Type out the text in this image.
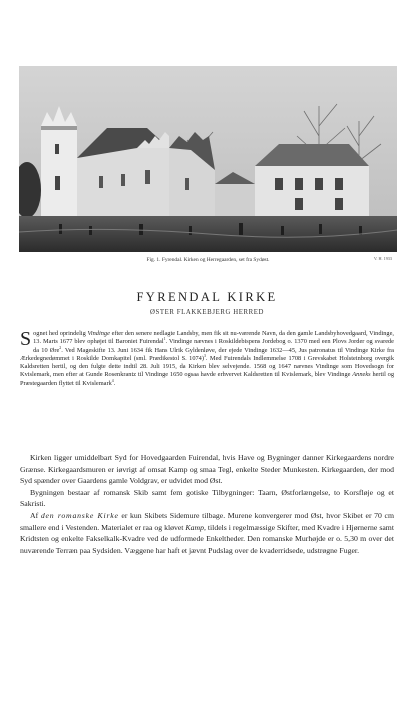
Fig. 1. Fyrendal. Kirken og Herregaarden, set fra Sydøst.	V. H. 1933
FYRENDAL KIRKE
ØSTER FLAKKEBJERG HERRED
Sognet hed oprindelig Vindinge efter den senere nedlagte Landsby, men fik sit nu-værende Navn, da den gamle Landsbyhovedgaard, Vindinge, 13. Marts 1677 blev ophøjet til Baroniet Fuirendal$^1$. Vindinge nævnes i Roskildebispens Jordebog o. 1370 med een Plovs Jorder og svarede da 10 Øre$^2$. Ved Mageskifte 13. Juni 1634 fik Hans Ulrik Gyldenløve, der ejede Vindinge 1632—45, Jus patronatus til Vindinge Kirke fra Ærkedegnedømmet i Roskilde Domkapitel (sml. Prædikestol S. 1074)$^3$. Med Fuirendals Indlemmelse 1708 i Grevskabet Holsteinborg overgik Kaldsretten hertil, og den fulgte dette indtil 28. Juli 1915, da Kirken blev selvejende. 1568 og 1647 nævnes Vindinge som Hovedsogn for Kvislemark, men efter at Gunde Rosenkrantz til Vindinge 1650 ogsaa havde erhvervet Kaldsretten til Kvislemark, blev Vindinge Anneks hertil og Præstegaarden flyttet til Kvislemark$^4$.

Kirken ligger umiddelbart Syd for Hovedgaarden Fuirendal, hvis Have og Bygninger danner Kirkegaardens nordre Grænse. Kirkegaardsmuren er iøvrigt af omsat Kamp og smaa Tegl, enkelte Steder Munkesten. Kirkegaarden, der mod Syd spænder over Gaardens gamle Voldgrav, er udvidet mod Øst.

Bygningen bestaar af romansk Skib samt fem gotiske Tilbygninger: Taarn, Østforlængelse, to Korsfløje og et Sakristi.

Af den romanske Kirke er kun Skibets Sidemure tilbage. Murene konvergerer mod Øst, hvor Skibet er 70 cm smallere end i Vestenden. Materialet er raa og kløvet Kamp, tildels i regelmæssige Skifter, med Kvadre i Hjørnerne samt Kridtsten og enkelte Fakselkalk-Kvadre ved de udformede Enkeltheder. Den romanske Murhøjde er o. 5,30 m over det nuværende Terræn paa Sydsiden. Væggene har haft et jævnt Pudslag over de kvaderridsede, udstrøgne Fuger.
